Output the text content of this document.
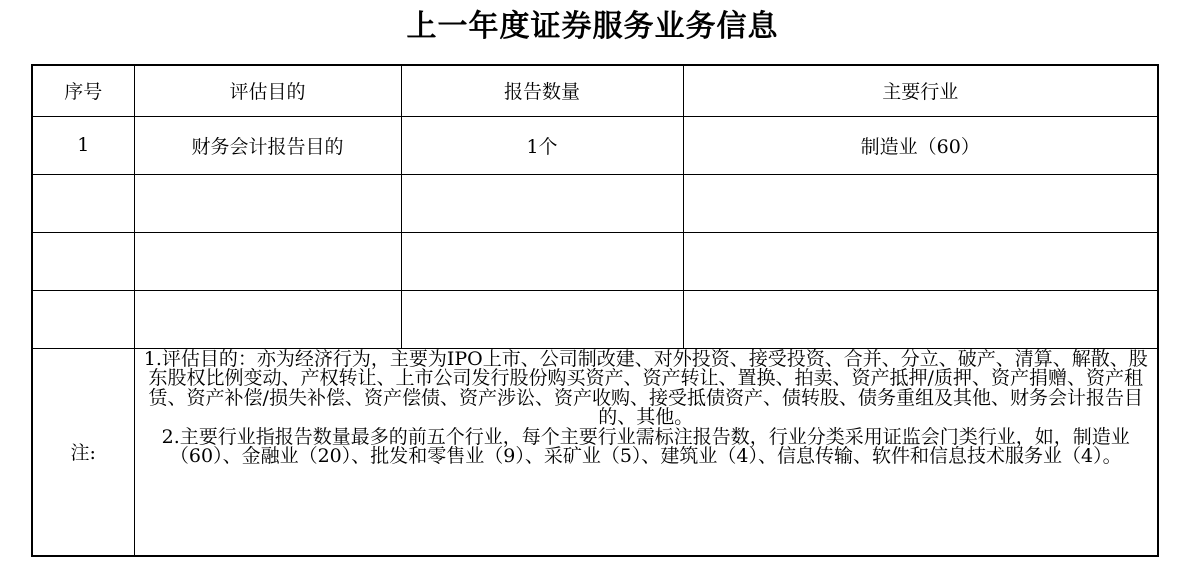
上一年度证券服务业务信息
序号	评估目的	报告数量	主要行业
1	财务会计报告目的	1个	制造业（60）

注:	1.评估目的：亦为经济行为，主要为IPO上市、公司制改建、对外投资、接受投资、合并、分立、破产、清算、解散、股东股权比例变动、产权转让、上市公司发行股份购买资产、资产转让、置换、拍卖、资产抵押/质押、资产捐赠、资产租赁、资产补偿/损失补偿、资产偿债、资产涉讼、资产收购、接受抵债资产、债转股、债务重组及其他、财务会计报告目的、其他。

2.主要行业指报告数量最多的前五个行业，每个主要行业需标注报告数，行业分类采用证监会门类行业，如，制造业（60）、金融业（20）、批发和零售业（9）、采矿业（5）、建筑业（4）、信息传输、软件和信息技术服务业（4）。		
